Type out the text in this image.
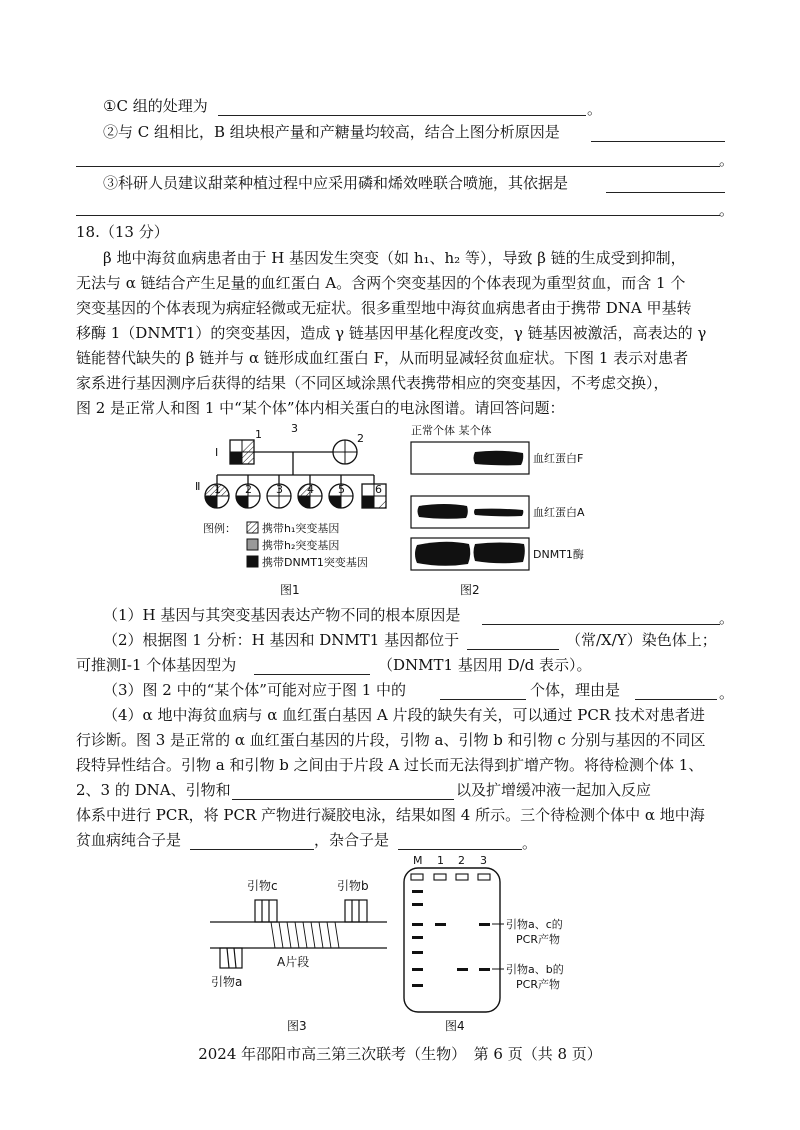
①C 组的处理为	。
②与 C 组相比，B 组块根产量和产糖量均较高，结合上图分析原因是
。
③科研人员建议甜菜种植过程中应采用磷和烯效唑联合喷施，其依据是
。
18.（13 分）
β 地中海贫血病患者由于 H 基因发生突变（如 h₁、h₂ 等），导致 β 链的生成受到抑制，
无法与 α 链结合产生足量的血红蛋白 A。含两个突变基因的个体表现为重型贫血，而含 1 个
突变基因的个体表现为病症轻微或无症状。很多重型地中海贫血病患者由于携带 DNA 甲基转
移酶 1（DNMT1）的突变基因，造成 γ 链基因甲基化程度改变，γ 链基因被激活，高表达的 γ
链能替代缺失的 β 链并与 α 链形成血红蛋白 F，从而明显减轻贫血症状。下图 1 表示对患者
家系进行基因测序后获得的结果（不同区域涂黑代表携带相应的突变基因，不考虑交换），
图 2 是正常人和图 1 中“某个体”体内相关蛋白的电泳图谱。请回答问题：
Ⅰ
Ⅱ
1	3
2
1 2 3 4 5	6
图例： 携带h₁突变基因
携带h₂突变基因
携带DNMT1突变基因
图1
正常个体 某个体
血红蛋白F
血红蛋白A
DNMT1酶
图2
（1）H 基因与其突变基因表达产物不同的根本原因是	。
（2）根据图 1 分析：H 基因和 DNMT1 基因都位于	（常/X/Y）染色体上；
可推测Ⅰ-1 个体基因型为	（DNMT1 基因用 D/d 表示）。
（3）图 2 中的“某个体”可能对应于图 1 中的	个体，理由是	。
（4）α 地中海贫血病与 α 血红蛋白基因 A 片段的缺失有关，可以通过 PCR 技术对患者进
行诊断。图 3 是正常的 α 血红蛋白基因的片段，引物 a、引物 b 和引物 c 分别与基因的不同区
段特异性结合。引物 a 和引物 b 之间由于片段 A 过长而无法得到扩增产物。将待检测个体 1、
2、3 的 DNA、引物和	以及扩增缓冲液一起加入反应
体系中进行 PCR，将 PCR 产物进行凝胶电泳，结果如图 4 所示。三个待检测个体中 α 地中海
贫血病纯合子是	，杂合子是	。
引物c	引物b
A片段
引物a
图3
M 1 2 3
引物a、c的
PCR产物
引物a、b的
PCR产物
图4
2024 年邵阳市高三第三次联考（生物）　第 6 页（共 8 页）
